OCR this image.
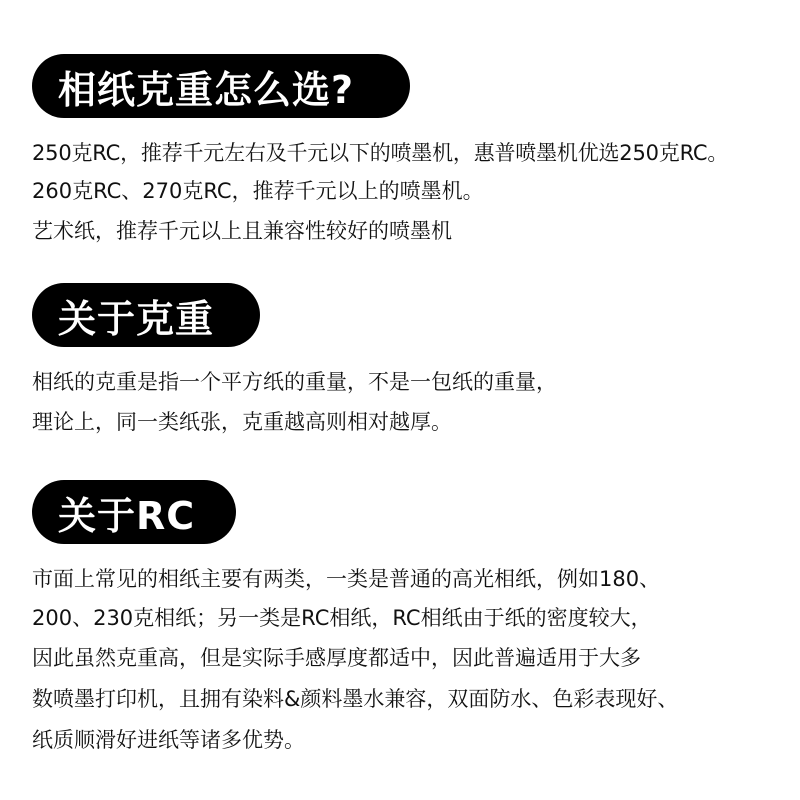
相纸克重怎么选?
250克RC，推荐千元左右及千元以下的喷墨机，惠普喷墨机优选250克RC。
260克RC、270克RC，推荐千元以上的喷墨机。
艺术纸，推荐千元以上且兼容性较好的喷墨机
关于克重
相纸的克重是指一个平方纸的重量，不是一包纸的重量，
理论上，同一类纸张，克重越高则相对越厚。
关于RC
市面上常见的相纸主要有两类，一类是普通的高光相纸，例如180、
200、230克相纸；另一类是RC相纸，RC相纸由于纸的密度较大，
因此虽然克重高，但是实际手感厚度都适中，因此普遍适用于大多
数喷墨打印机，且拥有染料&颜料墨水兼容，双面防水、色彩表现好、
纸质顺滑好进纸等诸多优势。
